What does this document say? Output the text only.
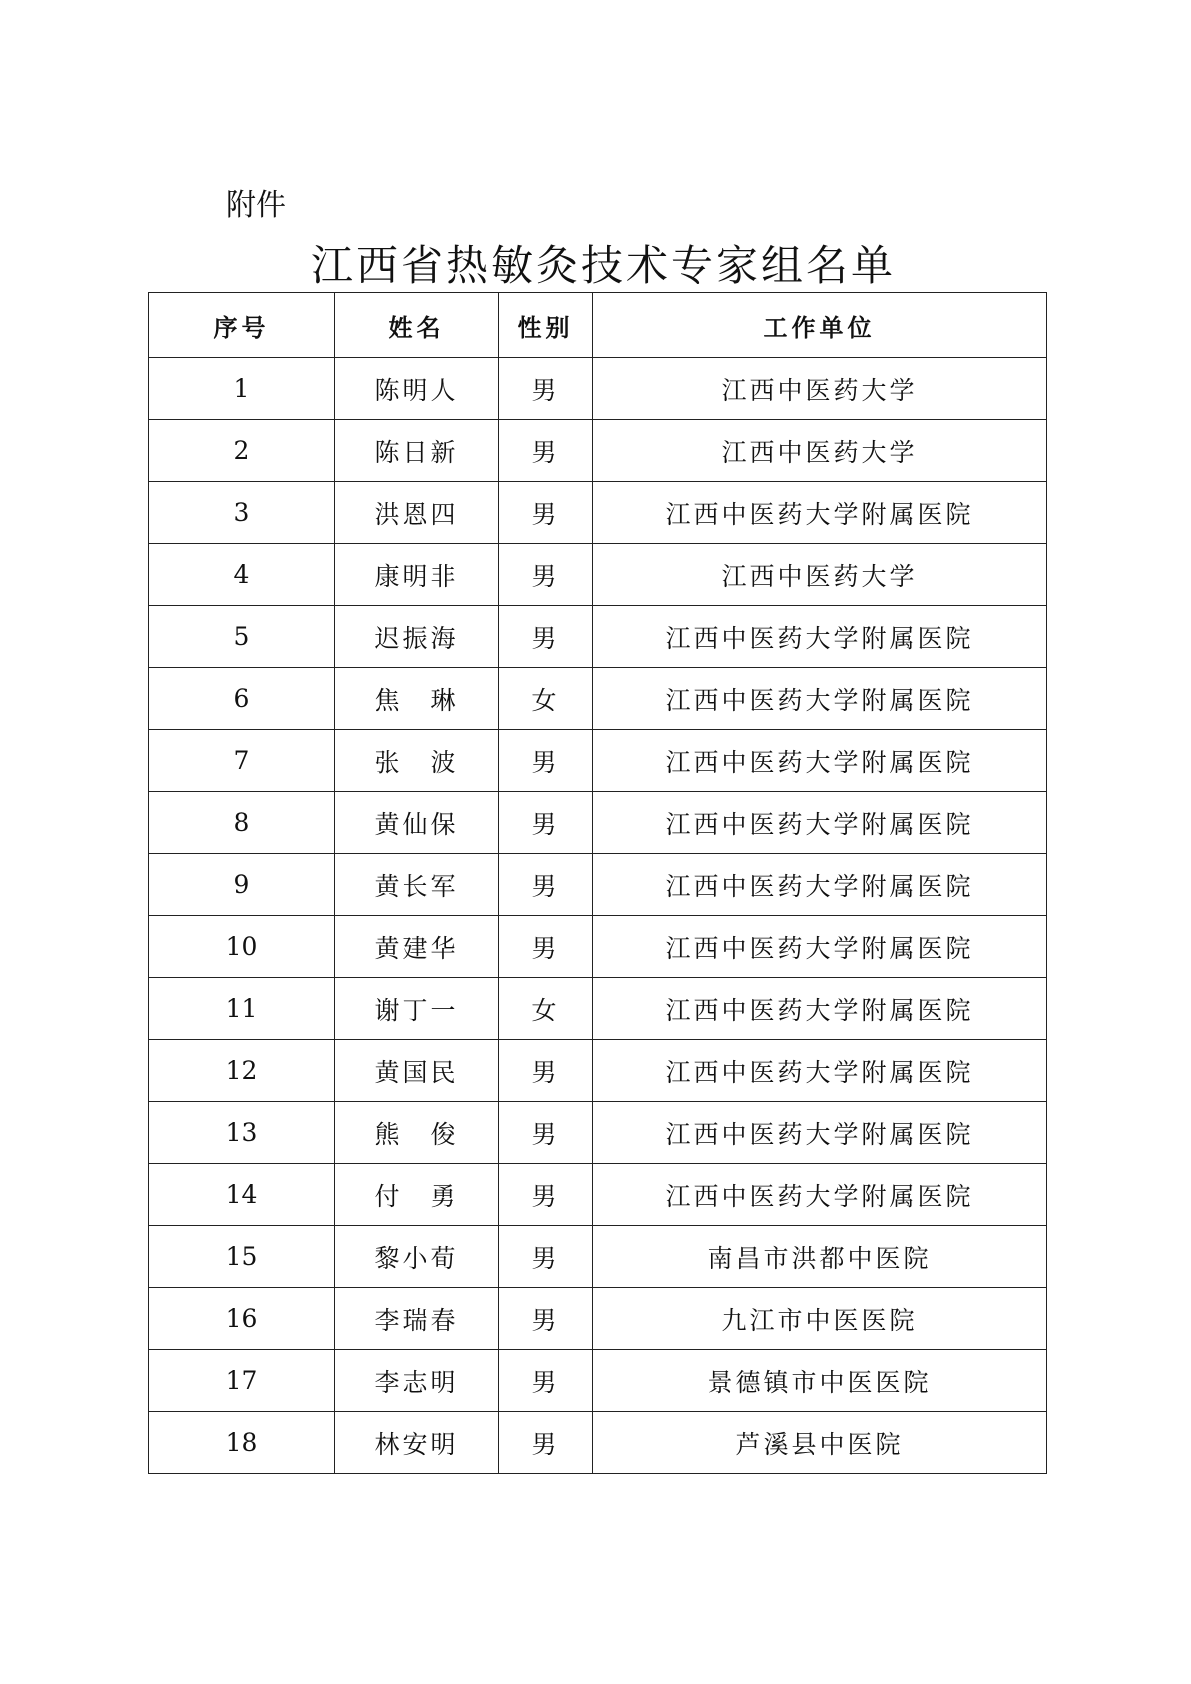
附件
江西省热敏灸技术专家组名单
序号	姓名	性别	工作单位
1	陈明人	男	江西中医药大学
2	陈日新	男	江西中医药大学
3	洪恩四	男	江西中医药大学附属医院
4	康明非	男	江西中医药大学
5	迟振海	男	江西中医药大学附属医院
6	焦　琳	女	江西中医药大学附属医院
7	张　波	男	江西中医药大学附属医院
8	黄仙保	男	江西中医药大学附属医院
9	黄长军	男	江西中医药大学附属医院
10	黄建华	男	江西中医药大学附属医院
11	谢丁一	女	江西中医药大学附属医院
12	黄国民	男	江西中医药大学附属医院
13	熊　俊	男	江西中医药大学附属医院
14	付　勇	男	江西中医药大学附属医院
15	黎小荀	男	南昌市洪都中医院
16	李瑞春	男	九江市中医医院
17	李志明	男	景德镇市中医医院
18	林安明	男	芦溪县中医院
